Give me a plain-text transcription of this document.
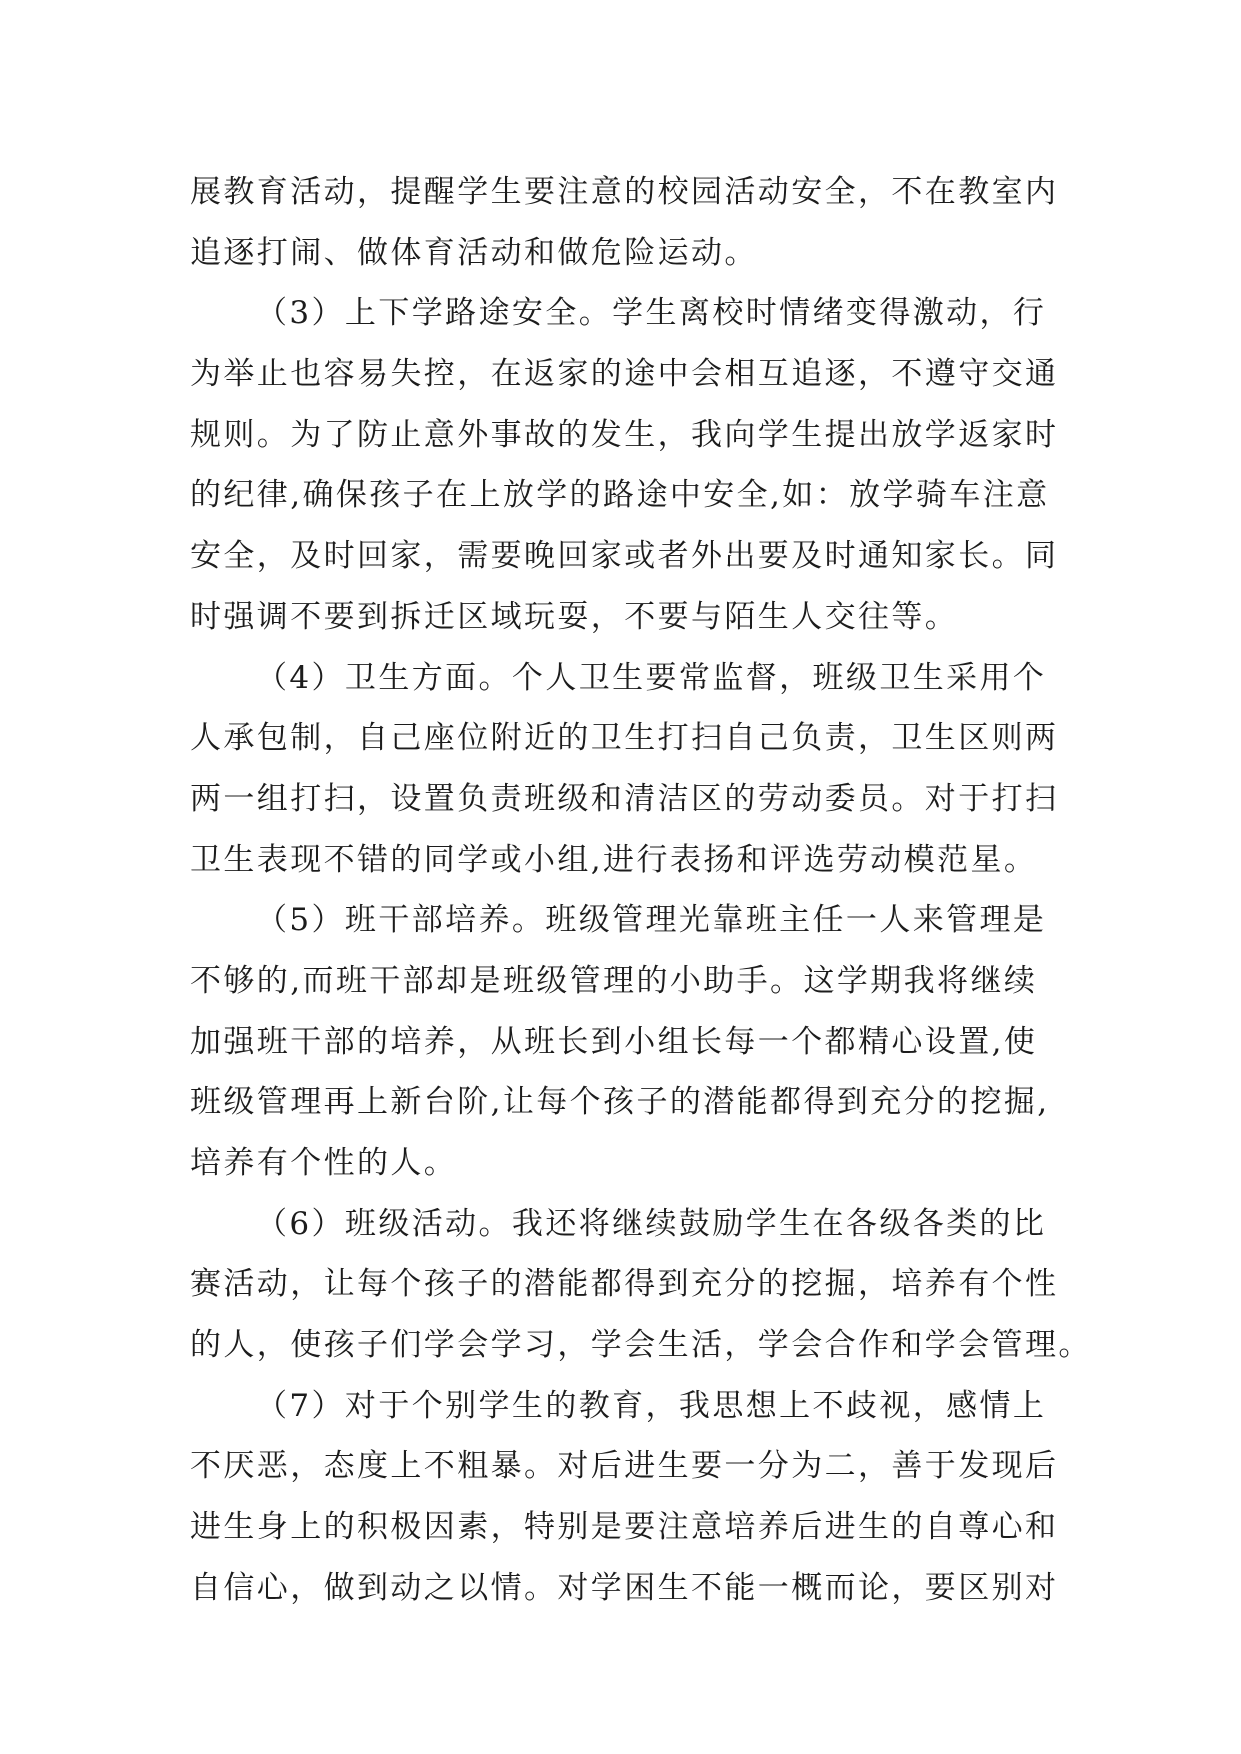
展教育活动，提醒学生要注意的校园活动安全，不在教室内
追逐打闹、做体育活动和做危险运动。
（3）上下学路途安全。学生离校时情绪变得激动，行
为举止也容易失控，在返家的途中会相互追逐，不遵守交通
规则。为了防止意外事故的发生，我向学生提出放学返家时
的纪律,确保孩子在上放学的路途中安全,如：放学骑车注意
安全，及时回家，需要晚回家或者外出要及时通知家长。同
时强调不要到拆迁区域玩耍，不要与陌生人交往等。
（4）卫生方面。个人卫生要常监督，班级卫生采用个
人承包制，自己座位附近的卫生打扫自己负责，卫生区则两
两一组打扫，设置负责班级和清洁区的劳动委员。对于打扫
卫生表现不错的同学或小组,进行表扬和评选劳动模范星。
（5）班干部培养。班级管理光靠班主任一人来管理是
不够的,而班干部却是班级管理的小助手。这学期我将继续
加强班干部的培养，从班长到小组长每一个都精心设置,使
班级管理再上新台阶,让每个孩子的潜能都得到充分的挖掘,
培养有个性的人。
（6）班级活动。我还将继续鼓励学生在各级各类的比
赛活动，让每个孩子的潜能都得到充分的挖掘，培养有个性
的人，使孩子们学会学习，学会生活，学会合作和学会管理。
（7）对于个别学生的教育，我思想上不歧视，感情上
不厌恶，态度上不粗暴。对后进生要一分为二，善于发现后
进生身上的积极因素，特别是要注意培养后进生的自尊心和
自信心，做到动之以情。对学困生不能一概而论，要区别对
